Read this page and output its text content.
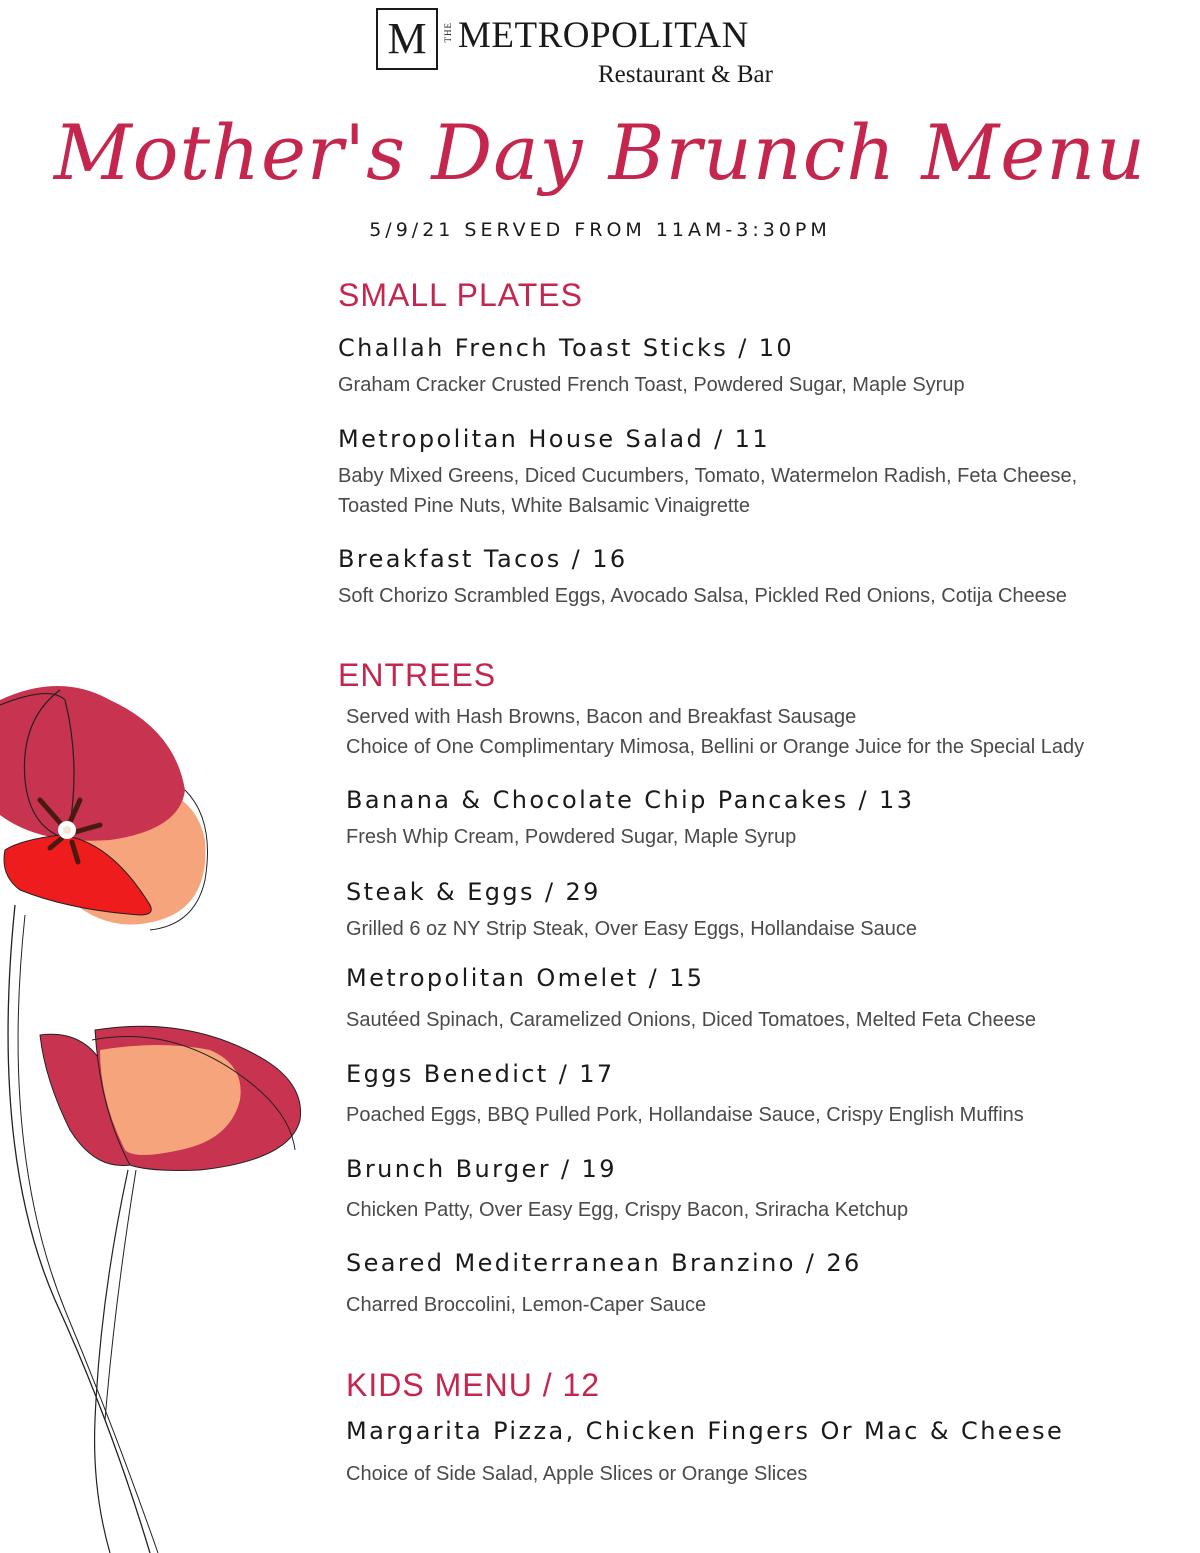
M	THE METROPOLITAN
Restaurant & Bar
Mother's Day Brunch Menu
5/9/21 SERVED FROM 11AM-3:30PM
SMALL PLATES
Challah French Toast Sticks / 10
Graham Cracker Crusted French Toast, Powdered Sugar, Maple Syrup
Metropolitan House Salad / 11
Baby Mixed Greens, Diced Cucumbers, Tomato, Watermelon Radish, Feta Cheese,
Toasted Pine Nuts, White Balsamic Vinaigrette
Breakfast Tacos / 16
Soft Chorizo Scrambled Eggs, Avocado Salsa, Pickled Red Onions, Cotija Cheese
ENTREES
Served with Hash Browns, Bacon and Breakfast Sausage
Choice of One Complimentary Mimosa, Bellini or Orange Juice for the Special Lady
Banana & Chocolate Chip Pancakes / 13
Fresh Whip Cream, Powdered Sugar, Maple Syrup
Steak & Eggs / 29
Grilled 6 oz NY Strip Steak, Over Easy Eggs, Hollandaise Sauce
Metropolitan Omelet / 15
Sautéed Spinach, Caramelized Onions, Diced Tomatoes, Melted Feta Cheese
Eggs Benedict / 17
Poached Eggs, BBQ Pulled Pork, Hollandaise Sauce, Crispy English Muffins
Brunch Burger / 19
Chicken Patty, Over Easy Egg, Crispy Bacon, Sriracha Ketchup
Seared Mediterranean Branzino / 26
Charred Broccolini, Lemon-Caper Sauce
KIDS MENU / 12
Margarita Pizza, Chicken Fingers Or Mac & Cheese
Choice of Side Salad, Apple Slices or Orange Slices
